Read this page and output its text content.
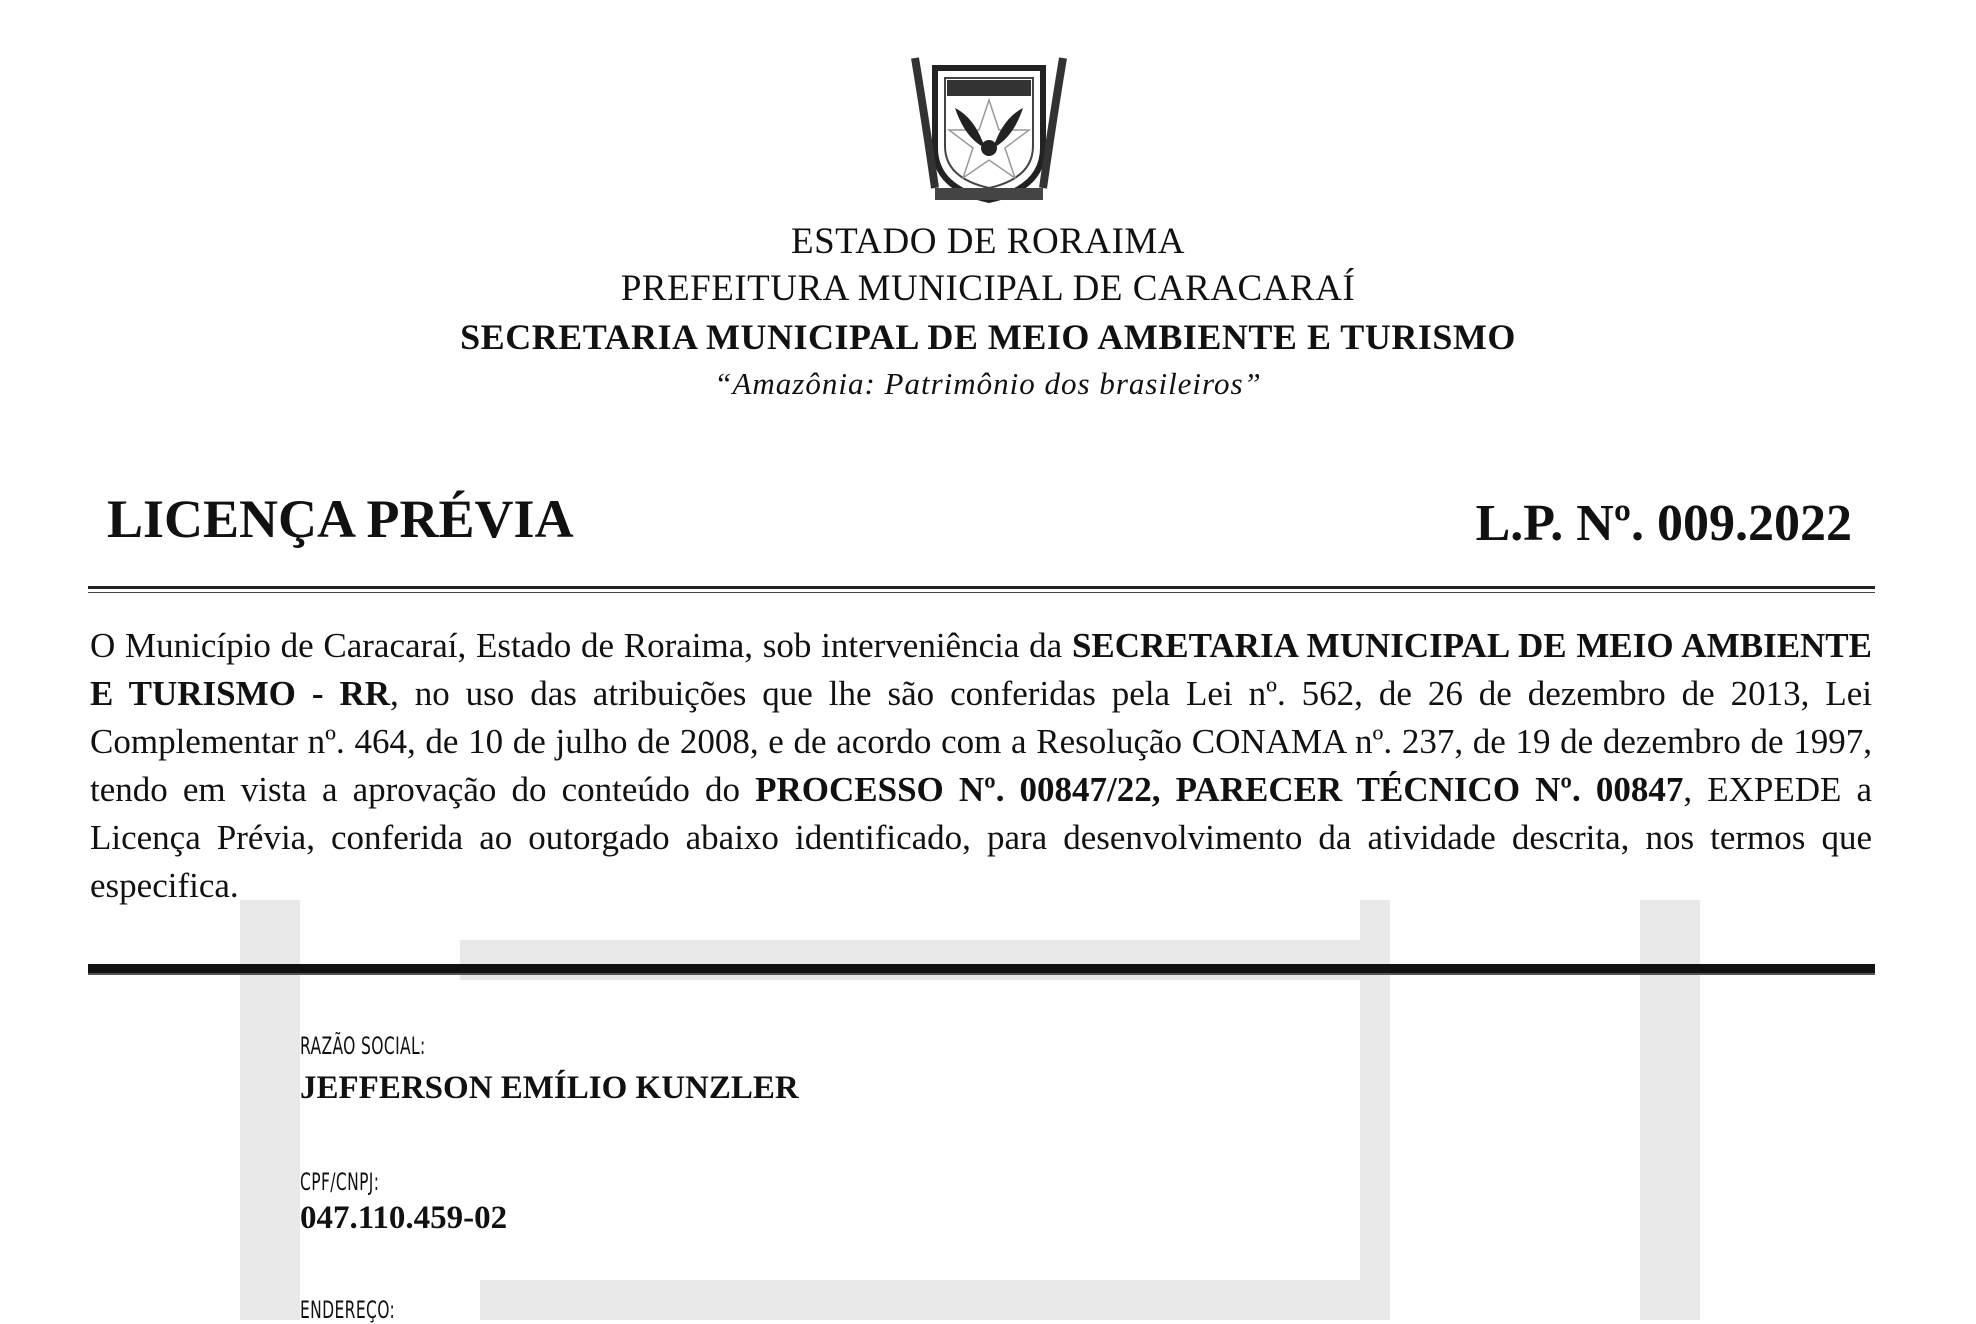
ESTADO DE RORAIMA
PREFEITURA MUNICIPAL DE CARACARAÍ
SECRETARIA MUNICIPAL DE MEIO AMBIENTE E TURISMO
“Amazônia: Patrimônio dos brasileiros”
LICENÇA PRÉVIA	L.P. Nº. 009.2022
O Município de Caracaraí, Estado de Roraima, sob interveniência da SECRETARIA MUNICIPAL DE MEIO AMBIENTE E TURISMO - RR, no uso das atribuições que lhe são conferidas pela Lei nº. 562, de 26 de dezembro de 2013, Lei Complementar nº. 464, de 10 de julho de 2008, e de acordo com a Resolução CONAMA nº. 237, de 19 de dezembro de 1997, tendo em vista a aprovação do conteúdo do PROCESSO Nº. 00847/22, PARECER TÉCNICO Nº. 00847, EXPEDE a Licença Prévia, conferida ao outorgado abaixo identificado, para desenvolvimento da atividade descrita, nos termos que especifica.
RAZÃO SOCIAL:
JEFFERSON EMÍLIO KUNZLER
CPF/CNPJ:
047.110.459-02
ENDEREÇO:
